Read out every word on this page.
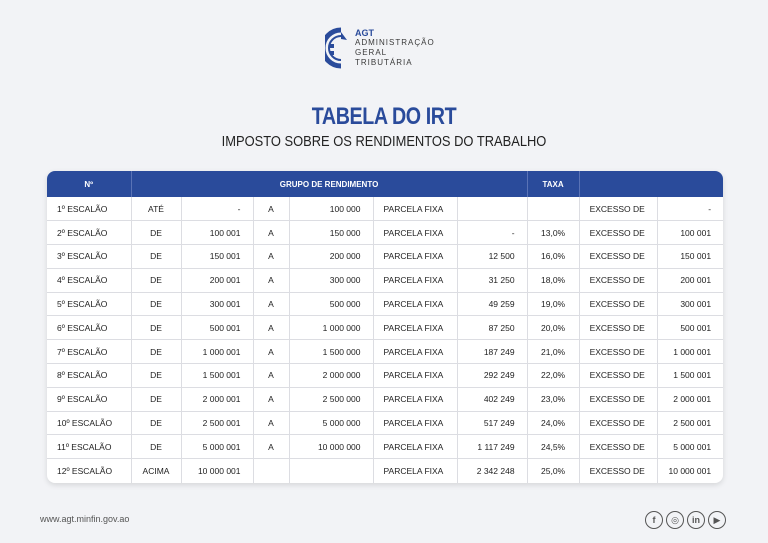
AGT
ADMINISTRAÇÃO
GERAL
TRIBUTÁRIA
TABELA DO IRT
IMPOSTO SOBRE OS RENDIMENTOS DO TRABALHO
Nº	GRUPO DE RENDIMENTO						TAXA		
1º ESCALÃO	ATÉ	-	A	100 000	PARCELA FIXA			EXCESSO DE	-
2º ESCALÃO	DE	100 001	A	150 000	PARCELA FIXA	-	13,0%	EXCESSO DE	100 001
3º ESCALÃO	DE	150 001	A	200 000	PARCELA FIXA	12 500	16,0%	EXCESSO DE	150 001
4º ESCALÃO	DE	200 001	A	300 000	PARCELA FIXA	31 250	18,0%	EXCESSO DE	200 001
5º ESCALÃO	DE	300 001	A	500 000	PARCELA FIXA	49 259	19,0%	EXCESSO DE	300 001
6º ESCALÃO	DE	500 001	A	1 000 000	PARCELA FIXA	87 250	20,0%	EXCESSO DE	500 001
7º ESCALÃO	DE	1 000 001	A	1 500 000	PARCELA FIXA	187 249	21,0%	EXCESSO DE	1 000 001
8º ESCALÃO	DE	1 500 001	A	2 000 000	PARCELA FIXA	292 249	22,0%	EXCESSO DE	1 500 001
9º ESCALÃO	DE	2 000 001	A	2 500 000	PARCELA FIXA	402 249	23,0%	EXCESSO DE	2 000 001
10º ESCALÃO	DE	2 500 001	A	5 000 000	PARCELA FIXA	517 249	24,0%	EXCESSO DE	2 500 001
11º ESCALÃO	DE	5 000 001	A	10 000 000	PARCELA FIXA	1 117 249	24,5%	EXCESSO DE	5 000 001
12º ESCALÃO	ACIMA	10 000 001			PARCELA FIXA	2 342 248	25,0%	EXCESSO DE	10 000 001
www.agt.minfin.gov.ao	f	◎	in	▶
